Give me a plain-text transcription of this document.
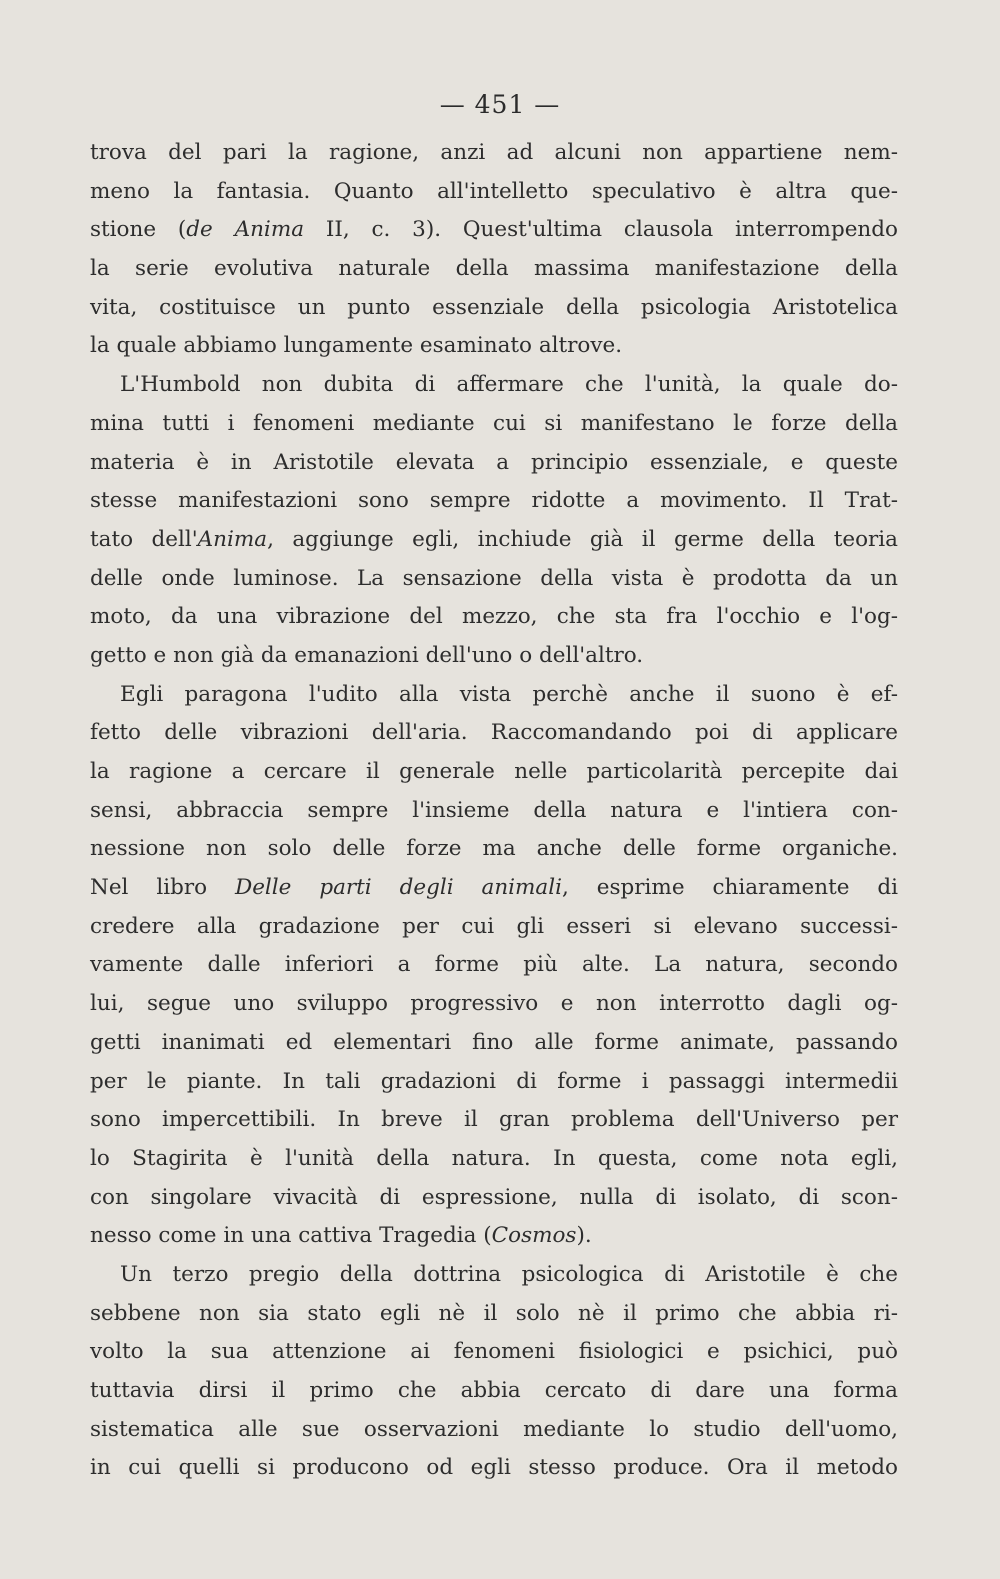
— 451 —
trova del pari la ragione, anzi ad alcuni non appartiene nem-
meno la fantasia. Quanto all'intelletto speculativo è altra que-
stione (de Anima II, c. 3). Quest'ultima clausola interrompendo
la serie evolutiva naturale della massima manifestazione della
vita, costituisce un punto essenziale della psicologia Aristotelica
la quale abbiamo lungamente esaminato altrove.
L'Humbold non dubita di affermare che l'unità, la quale do-
mina tutti i fenomeni mediante cui si manifestano le forze della
materia è in Aristotile elevata a principio essenziale, e queste
stesse manifestazioni sono sempre ridotte a movimento. Il Trat-
tato dell'Anima, aggiunge egli, inchiude già il germe della teoria
delle onde luminose. La sensazione della vista è prodotta da un
moto, da una vibrazione del mezzo, che sta fra l'occhio e l'og-
getto e non già da emanazioni dell'uno o dell'altro.
Egli paragona l'udito alla vista perchè anche il suono è ef-
fetto delle vibrazioni dell'aria. Raccomandando poi di applicare
la ragione a cercare il generale nelle particolarità percepite dai
sensi, abbraccia sempre l'insieme della natura e l'intiera con-
nessione non solo delle forze ma anche delle forme organiche.
Nel libro Delle parti degli animali, esprime chiaramente di
credere alla gradazione per cui gli esseri si elevano successi-
vamente dalle inferiori a forme più alte. La natura, secondo
lui, segue uno sviluppo progressivo e non interrotto dagli og-
getti inanimati ed elementari fino alle forme animate, passando
per le piante. In tali gradazioni di forme i passaggi intermedii
sono impercettibili. In breve il gran problema dell'Universo per
lo Stagirita è l'unità della natura. In questa, come nota egli,
con singolare vivacità di espressione, nulla di isolato, di scon-
nesso come in una cattiva Tragedia (Cosmos).
Un terzo pregio della dottrina psicologica di Aristotile è che
sebbene non sia stato egli nè il solo nè il primo che abbia ri-
volto la sua attenzione ai fenomeni fisiologici e psichici, può
tuttavia dirsi il primo che abbia cercato di dare una forma
sistematica alle sue osservazioni mediante lo studio dell'uomo,
in cui quelli si producono od egli stesso produce. Ora il metodo
